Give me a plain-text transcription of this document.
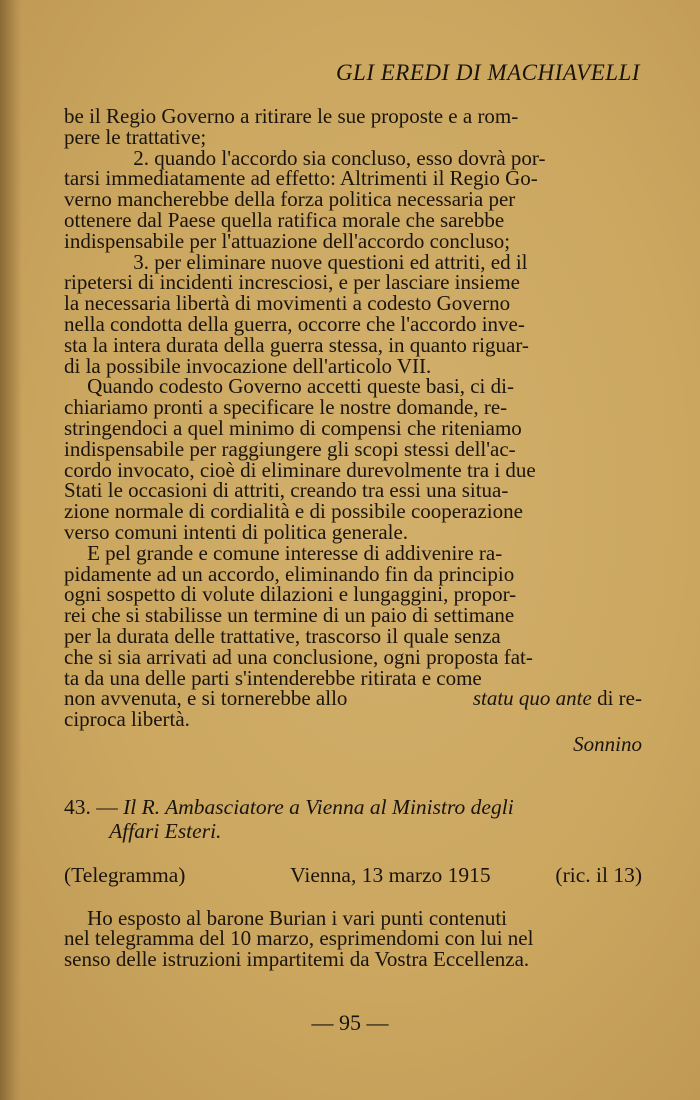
GLI EREDI DI MACHIAVELLI

be il Regio Governo a ritirare le sue proposte e a rom-

pere le trattative;

2. quando l'accordo sia concluso, esso dovrà por-

tarsi immediatamente ad effetto: Altrimenti il Regio Go-

verno mancherebbe della forza politica necessaria per

ottenere dal Paese quella ratifica morale che sarebbe

indispensabile per l'attuazione dell'accordo concluso;

3. per eliminare nuove questioni ed attriti, ed il

ripetersi di incidenti incresciosi, e per lasciare insieme

la necessaria libertà di movimenti a codesto Governo

nella condotta della guerra, occorre che l'accordo inve-

sta la intera durata della guerra stessa, in quanto riguar-

di la possibile invocazione dell'articolo VII.

Quando codesto Governo accetti queste basi, ci di-

chiariamo pronti a specificare le nostre domande, re-

stringendoci a quel minimo di compensi che riteniamo

indispensabile per raggiungere gli scopi stessi dell'ac-

cordo invocato, cioè di eliminare durevolmente tra i due

Stati le occasioni di attriti, creando tra essi una situa-

zione normale di cordialità e di possibile cooperazione

verso comuni intenti di politica generale.

E pel grande e comune interesse di addivenire ra-

pidamente ad un accordo, eliminando fin da principio

ogni sospetto di volute dilazioni e lungaggini, propor-

rei che si stabilisse un termine di un paio di settimane

per la durata delle trattative, trascorso il quale senza

che si sia arrivati ad una conclusione, ogni proposta fat-

ta da una delle parti s'intenderebbe ritirata e come

non avvenuta, e si tornerebbe allo	statu quo ante di re-

ciproca libertà.

Sonnino

43. — Il R. Ambasciatore a Vienna al Ministro degli
Affari Esteri.

(Telegramma)	Vienna, 13 marzo 1915	(ric. il 13)

Ho esposto al barone Burian i vari punti contenuti

nel telegramma del 10 marzo, esprimendomi con lui nel

senso delle istruzioni impartitemi da Vostra Eccellenza.

— 95 —
